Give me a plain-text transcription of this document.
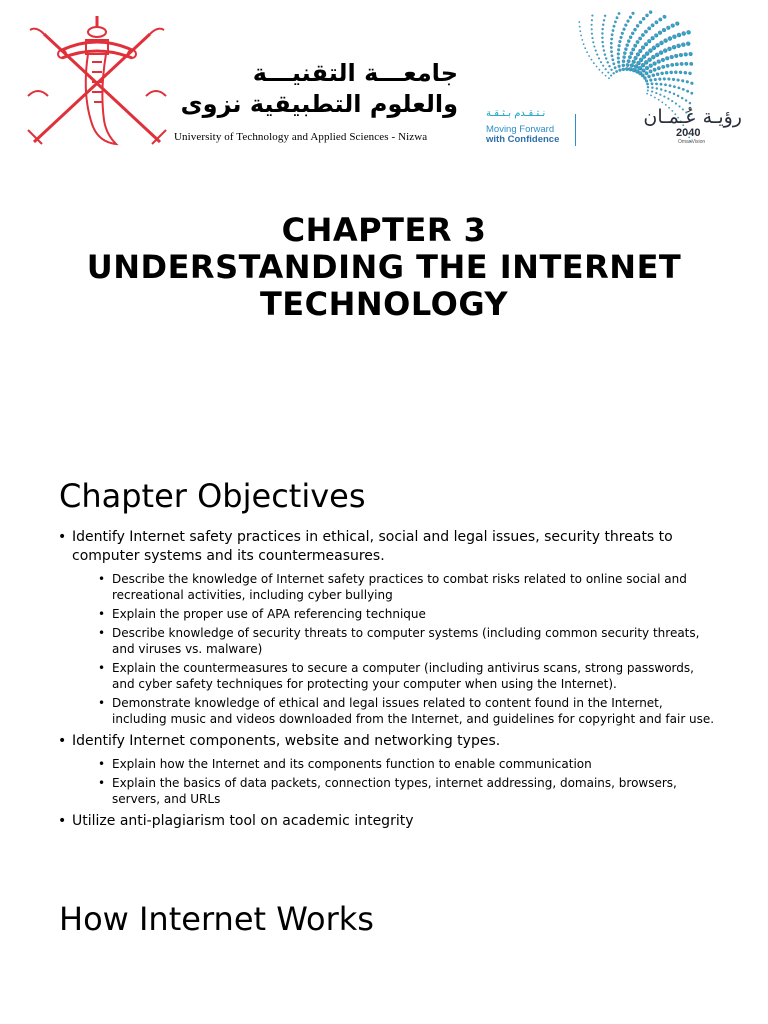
جامعـــة التقنيـــة
والعلوم التطبيقية نزوى
University of Technology and Applied Sciences - Nizwa
نـتـقـدم بـثـقـة
Moving Forward
with Confidence
رؤيـة عُـمـان
2040
OmanVision
CHAPTER 3
UNDERSTANDING THE INTERNET
TECHNOLOGY
Chapter Objectives
• Identify Internet safety practices in ethical, social and legal issues, security threats to computer systems and its countermeasures.
• Describe the knowledge of Internet safety practices to combat risks related to online social and recreational activities, including cyber bullying
• Explain the proper use of APA referencing technique
• Describe knowledge of security threats to computer systems (including common security threats, and viruses vs. malware)
• Explain the countermeasures to secure a computer (including antivirus scans, strong passwords, and cyber safety techniques for protecting your computer when using the Internet).
• Demonstrate knowledge of ethical and legal issues related to content found in the Internet, including music and videos downloaded from the Internet, and guidelines for copyright and fair use.
• Identify Internet components, website and networking types.
• Explain how the Internet and its components function to enable communication
• Explain the basics of data packets, connection types, internet addressing, domains, browsers, servers, and URLs
• Utilize anti-plagiarism tool on academic integrity
How Internet Works
